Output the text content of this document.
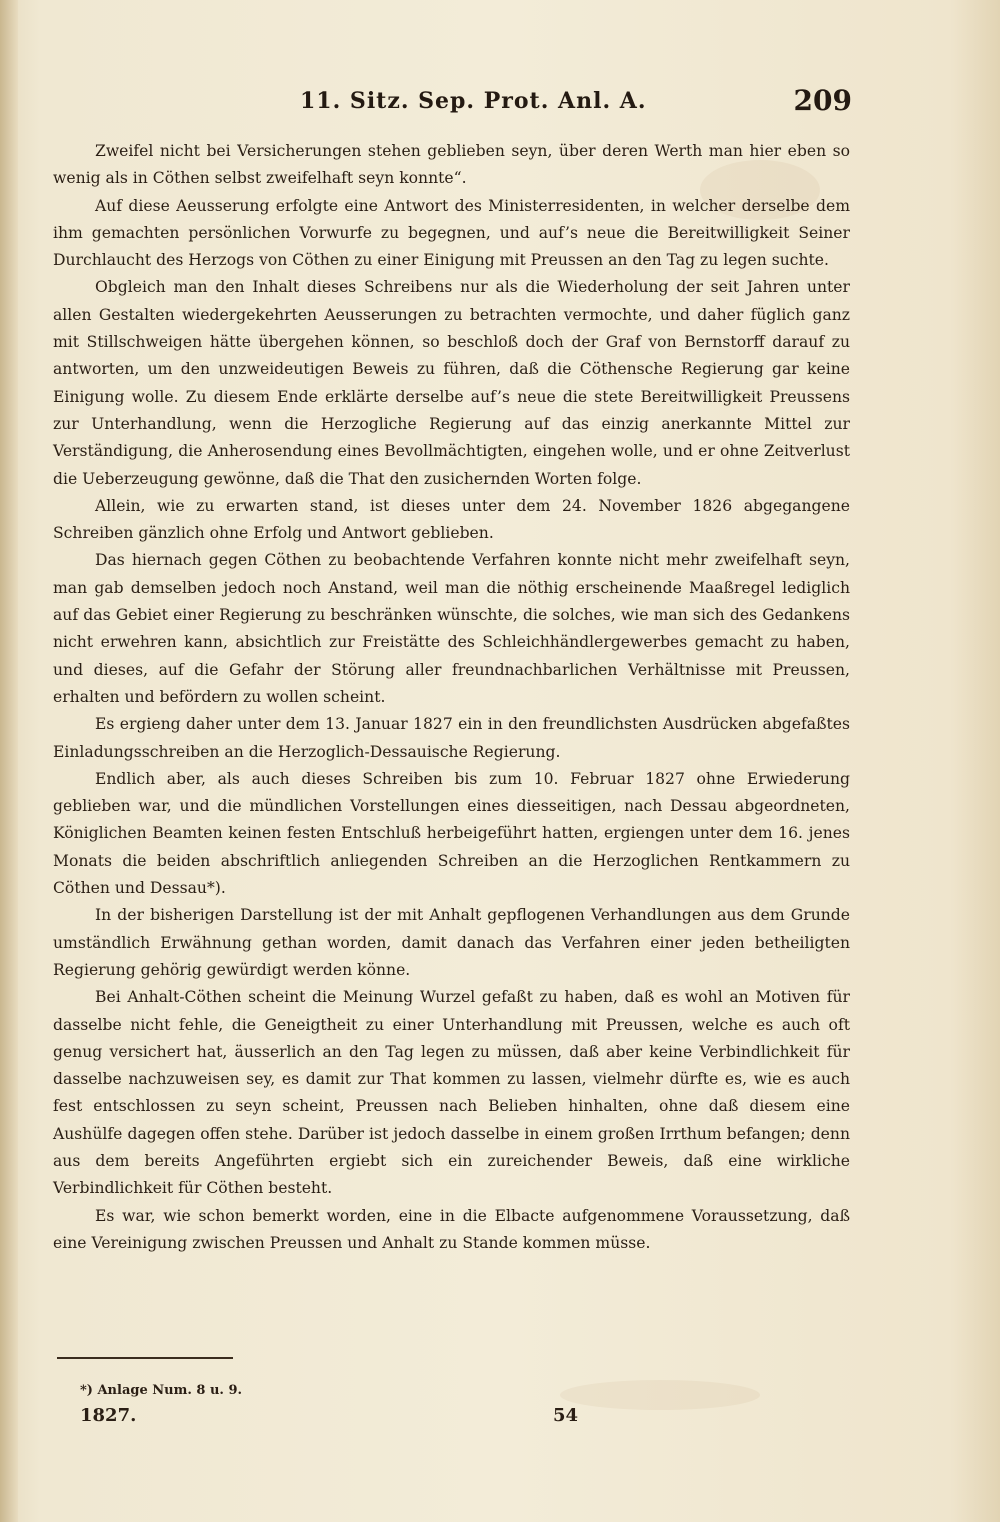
11. Sitz. Sep. Prot. Anl. A.	209

Zweifel nicht bei Versicherungen stehen geblieben seyn, über deren Werth man hier eben so wenig als in Cöthen selbst zweifelhaft seyn konnte“.

Auf diese Aeusserung erfolgte eine Antwort des Ministerresidenten, in welcher derselbe dem ihm gemachten persönlichen Vorwurfe zu begegnen, und auf’s neue die Bereitwilligkeit Seiner Durchlaucht des Herzogs von Cöthen zu einer Einigung mit Preussen an den Tag zu legen suchte.

Obgleich man den Inhalt dieses Schreibens nur als die Wiederholung der seit Jahren unter allen Gestalten wiedergekehrten Aeusserungen zu betrachten vermochte, und daher füglich ganz mit Stillschweigen hätte übergehen können, so beschloß doch der Graf von Bernstorff darauf zu antworten, um den unzweideutigen Beweis zu führen, daß die Cöthensche Regierung gar keine Einigung wolle. Zu diesem Ende erklärte derselbe auf’s neue die stete Bereitwilligkeit Preussens zur Unterhandlung, wenn die Herzogliche Regierung auf das einzig anerkannte Mittel zur Verständigung, die Anherosendung eines Bevollmächtigten, eingehen wolle, und er ohne Zeitverlust die Ueberzeugung gewönne, daß die That den zusichernden Worten folge.

Allein, wie zu erwarten stand, ist dieses unter dem 24. November 1826 abgegangene Schreiben gänzlich ohne Erfolg und Antwort geblieben.

Das hiernach gegen Cöthen zu beobachtende Verfahren konnte nicht mehr zweifelhaft seyn, man gab demselben jedoch noch Anstand, weil man die nöthig erscheinende Maaßregel lediglich auf das Gebiet einer Regierung zu beschränken wünschte, die solches, wie man sich des Gedankens nicht erwehren kann, absichtlich zur Freistätte des Schleichhändlergewerbes gemacht zu haben, und dieses, auf die Gefahr der Störung aller freundnachbarlichen Verhältnisse mit Preussen, erhalten und befördern zu wollen scheint.

Es ergieng daher unter dem 13. Januar 1827 ein in den freundlichsten Ausdrücken abgefaßtes Einladungsschreiben an die Herzoglich-Dessauische Regierung.

Endlich aber, als auch dieses Schreiben bis zum 10. Februar 1827 ohne Erwiederung geblieben war, und die mündlichen Vorstellungen eines diesseitigen, nach Dessau abgeordneten, Königlichen Beamten keinen festen Entschluß herbeigeführt hatten, ergiengen unter dem 16. jenes Monats die beiden abschriftlich anliegenden Schreiben an die Herzoglichen Rentkammern zu Cöthen und Dessau*).

In der bisherigen Darstellung ist der mit Anhalt gepflogenen Verhandlungen aus dem Grunde umständlich Erwähnung gethan worden, damit danach das Verfahren einer jeden betheiligten Regierung gehörig gewürdigt werden könne.

Bei Anhalt-Cöthen scheint die Meinung Wurzel gefaßt zu haben, daß es wohl an Motiven für dasselbe nicht fehle, die Geneigtheit zu einer Unterhandlung mit Preussen, welche es auch oft genug versichert hat, äusserlich an den Tag legen zu müssen, daß aber keine Verbindlichkeit für dasselbe nachzuweisen sey, es damit zur That kommen zu lassen, vielmehr dürfte es, wie es auch fest entschlossen zu seyn scheint, Preussen nach Belieben hinhalten, ohne daß diesem eine Aushülfe dagegen offen stehe. Darüber ist jedoch dasselbe in einem großen Irrthum befangen; denn aus dem bereits Angeführten ergiebt sich ein zureichender Beweis, daß eine wirkliche Verbindlichkeit für Cöthen besteht.

Es war, wie schon bemerkt worden, eine in die Elbacte aufgenommene Voraussetzung, daß eine Vereinigung zwischen Preussen und Anhalt zu Stande kommen müsse.

*) Anlage Num. 8 u. 9.
1827.	54
